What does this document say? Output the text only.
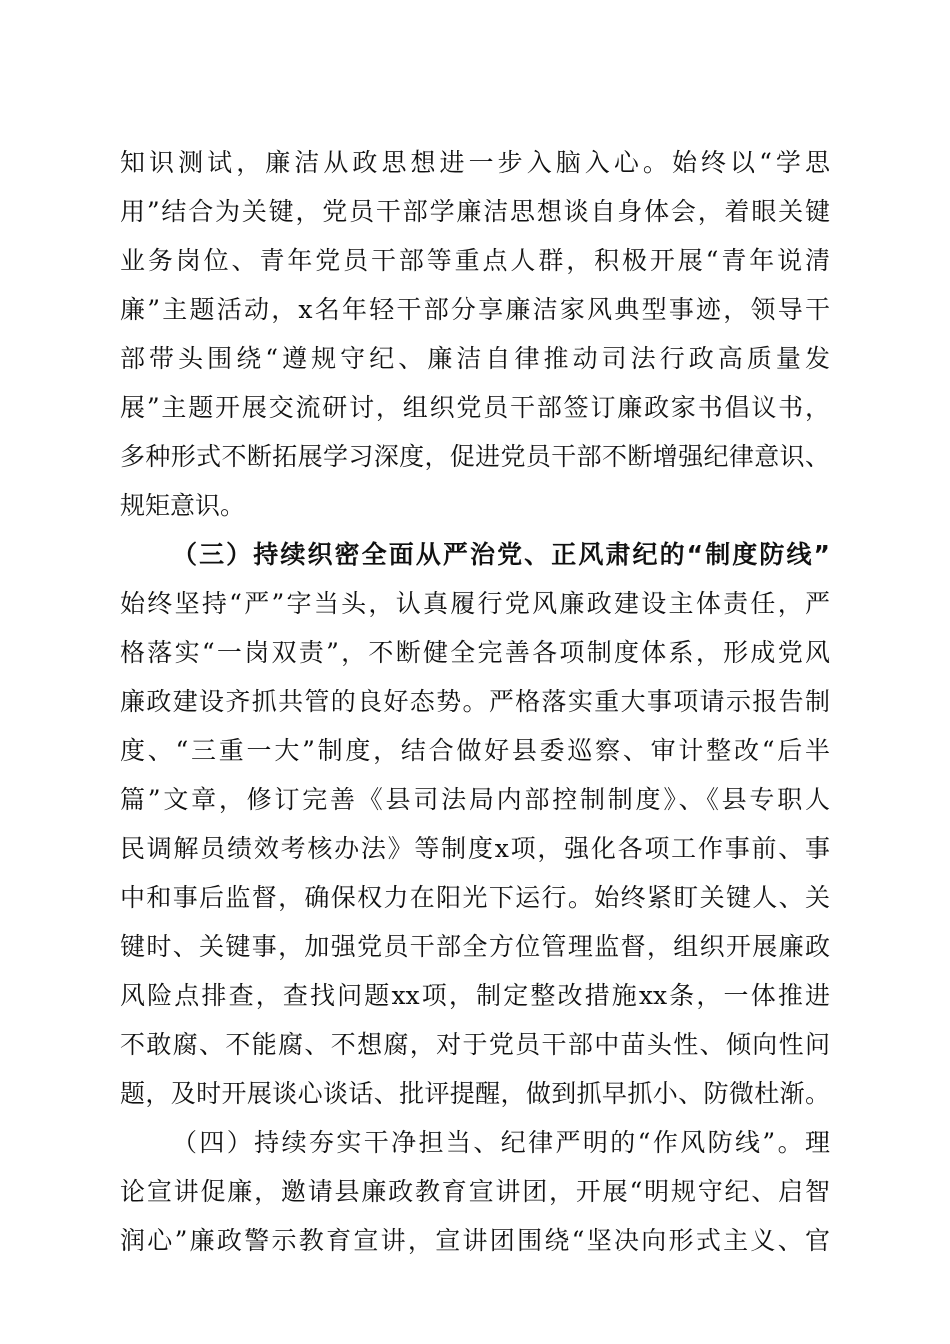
知识测试，廉洁从政思想进一步入脑入心。始终以“学思
用”结合为关键，党员干部学廉洁思想谈自身体会，着眼关键
业务岗位、青年党员干部等重点人群，积极开展“青年说清
廉”主题活动，x名年轻干部分享廉洁家风典型事迹，领导干
部带头围绕“遵规守纪、廉洁自律推动司法行政高质量发
展”主题开展交流研讨，组织党员干部签订廉政家书倡议书，
多种形式不断拓展学习深度，促进党员干部不断增强纪律意识、
规矩意识。
（三）持续织密全面从严治党、正风肃纪的“制度防线”
始终坚持“严”字当头，认真履行党风廉政建设主体责任，严
格落实“一岗双责”，不断健全完善各项制度体系，形成党风
廉政建设齐抓共管的良好态势。严格落实重大事项请示报告制
度、“三重一大”制度，结合做好县委巡察、审计整改“后半
篇”文章，修订完善《县司法局内部控制制度》、《县专职人
民调解员绩效考核办法》等制度x项，强化各项工作事前、事
中和事后监督，确保权力在阳光下运行。始终紧盯关键人、关
键时、关键事，加强党员干部全方位管理监督，组织开展廉政
风险点排查，查找问题xx项，制定整改措施xx条，一体推进
不敢腐、不能腐、不想腐，对于党员干部中苗头性、倾向性问
题，及时开展谈心谈话、批评提醒，做到抓早抓小、防微杜渐。
（四）持续夯实干净担当、纪律严明的“作风防线”。理
论宣讲促廉，邀请县廉政教育宣讲团，开展“明规守纪、启智
润心”廉政警示教育宣讲，宣讲团围绕“坚决向形式主义、官
